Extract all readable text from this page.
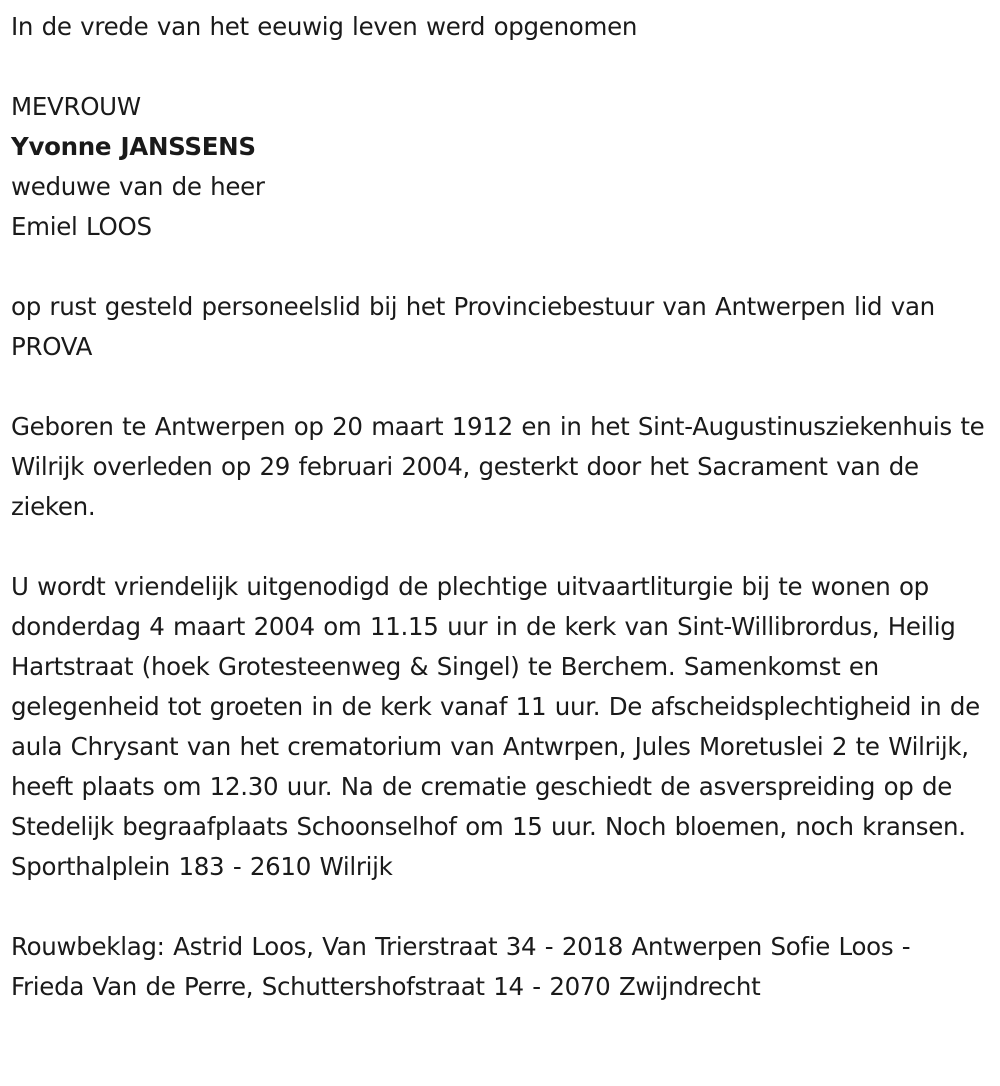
In de vrede van het eeuwig leven werd opgenomen

MEVROUW

Yvonne JANSSENS

weduwe van de heer

Emiel LOOS

op rust gesteld personeelslid bij het Provinciebestuur van Antwerpen lid van PROVA

Geboren te Antwerpen op 20 maart 1912 en in het Sint-Augustinusziekenhuis te Wilrijk overleden op 29 februari 2004, gesterkt door het Sacrament van de zieken.

U wordt vriendelijk uitgenodigd de plechtige uitvaartliturgie bij te wonen op donderdag 4 maart 2004 om 11.15 uur in de kerk van Sint-Willibrordus, Heilig Hartstraat (hoek Grotesteenweg & Singel) te Berchem. Samenkomst en gelegenheid tot groeten in de kerk vanaf 11 uur. De afscheidsplechtigheid in de aula Chrysant van het crematorium van Antwrpen, Jules Moretuslei 2 te Wilrijk, heeft plaats om 12.30 uur. Na de crematie geschiedt de asverspreiding op de Stedelijk begraafplaats Schoonselhof om 15 uur. Noch bloemen, noch kransen. Sporthalplein 183 - 2610 Wilrijk

Rouwbeklag: Astrid Loos, Van Trierstraat 34 - 2018 Antwerpen Sofie Loos - Frieda Van de Perre, Schuttershofstraat 14 - 2070 Zwijndrecht
